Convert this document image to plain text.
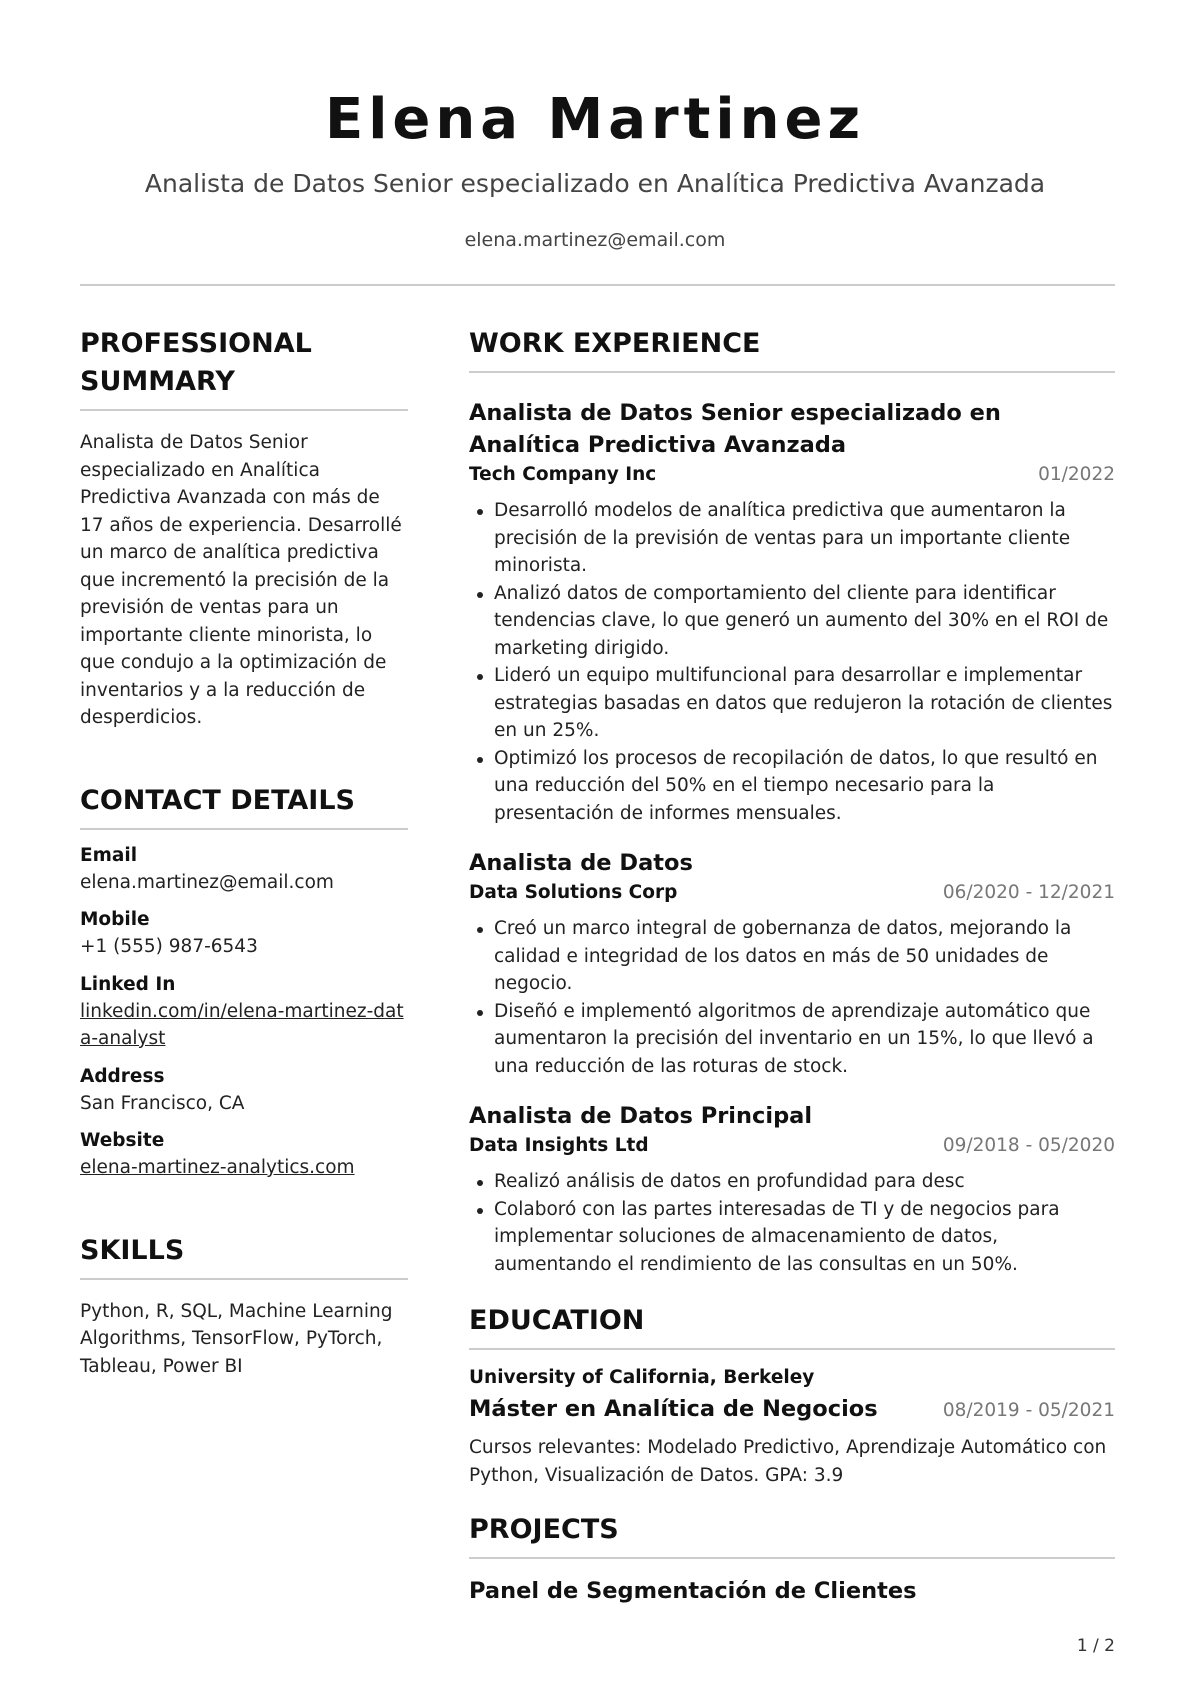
Elena Martinez
Analista de Datos Senior especializado en Analítica Predictiva Avanzada
elena.martinez@email.com
PROFESSIONAL SUMMARY
Analista de Datos Senior especializado en Analítica Predictiva Avanzada con más de 17 años de experiencia. Desarrollé un marco de analítica predictiva que incrementó la precisión de la previsión de ventas para un importante cliente minorista, lo que condujo a la optimización de inventarios y a la reducción de desperdicios.
CONTACT DETAILS
Email
elena.martinez@email.com
Mobile
+1 (555) 987-6543
Linked In
linkedin.com/in/elena-martinez-data-analyst
Address
San Francisco, CA
Website
elena-martinez-analytics.com
SKILLS
Python, R, SQL, Machine Learning Algorithms, TensorFlow, PyTorch, Tableau, Power BI
WORK EXPERIENCE
Analista de Datos Senior especializado en Analítica Predictiva Avanzada
Tech Company Inc	01/2022
Desarrolló modelos de analítica predictiva que aumentaron la precisión de la previsión de ventas para un importante cliente minorista.
Analizó datos de comportamiento del cliente para identificar tendencias clave, lo que generó un aumento del 30% en el ROI de marketing dirigido.
Lideró un equipo multifuncional para desarrollar e implementar estrategias basadas en datos que redujeron la rotación de clientes en un 25%.
Optimizó los procesos de recopilación de datos, lo que resultó en una reducción del 50% en el tiempo necesario para la presentación de informes mensuales.
Analista de Datos
Data Solutions Corp	06/2020 - 12/2021
Creó un marco integral de gobernanza de datos, mejorando la calidad e integridad de los datos en más de 50 unidades de negocio.
Diseñó e implementó algoritmos de aprendizaje automático que aumentaron la precisión del inventario en un 15%, lo que llevó a una reducción de las roturas de stock.
Analista de Datos Principal
Data Insights Ltd	09/2018 - 05/2020
Realizó análisis de datos en profundidad para desc
Colaboró con las partes interesadas de TI y de negocios para implementar soluciones de almacenamiento de datos, aumentando el rendimiento de las consultas en un 50%.
EDUCATION
University of California, Berkeley
Máster en Analítica de Negocios	08/2019 - 05/2021
Cursos relevantes: Modelado Predictivo, Aprendizaje Automático con Python, Visualización de Datos. GPA: 3.9
PROJECTS
Panel de Segmentación de Clientes
1 / 2
